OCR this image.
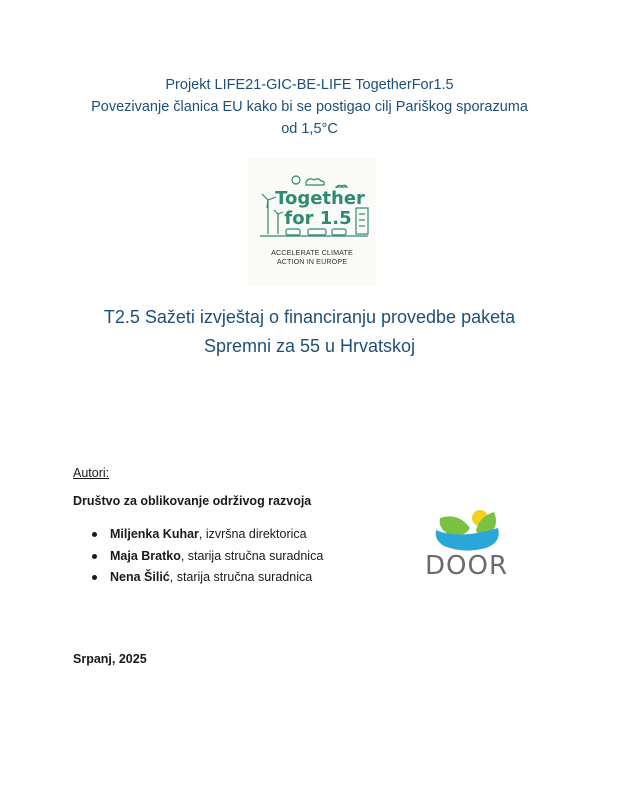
Projekt LIFE21-GIC-BE-LIFE TogetherFor1.5
Povezivanje članica EU kako bi se postigao cilj Pariškog sporazuma
od 1,5°C
Together
for 1.5
ACCELERATE CLIMATE
ACTION IN EUROPE
T2.5 Sažeti izvještaj o financiranju provedbe paketa
Spremni za 55 u Hrvatskoj
Autori:
Društvo za oblikovanje održivog razvoja
Miljenka Kuhar, izvršna direktorica
Maja Bratko, starija stručna suradnica
Nena Šilić, starija stručna suradnica	DOOR
Srpanj, 2025
